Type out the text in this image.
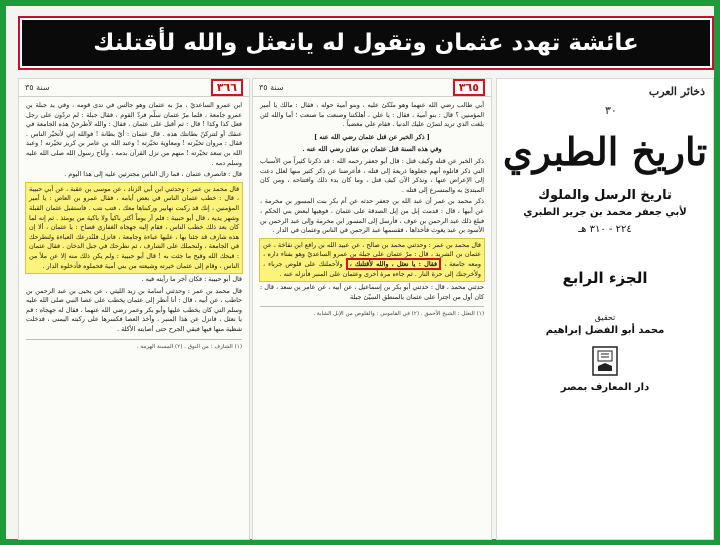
عائشة تهدد عثمان وتقول له يانعثل والله لأقتلنك
٣٦٦
سنة ٣٥

ابن عمرو الساعديّ ، مرّ به عثمان وهو جالس في ندى قومه ، وفي يد جبلة بن عمرو جامعة ، فلما مرّ عثمان سلّم فردّ القوم ، فقال جبلة : لم تردّون على رجل فعل كذا وكذا ! قال : ثم أقبل على عثمان ، فقال : والله لأطرحنّ هذه الجامعة في عنقك أو لتتركنّ بطانتك هذه . قال عثمان : أيّ بطانة ! فوالله إني لأتخيّر الناس . فقال : مروان تخيّرته ! ومعاوية تخيّرته ! وعبد الله بن عامر بن كريز تخيّرته ! وعبد الله بن سعد تخيّرته ! منهم من نزل القرآن بدمه ، وأباح رسول الله صلى الله عليه وسلم دمه .

قال : فانصرف عثمان ، فما زال الناس مجترئين عليه إلى هذا اليوم .

قال محمد بن عمر : وحدثني ابن أبي الزناد ، عن موسى بن عقبة ، عن أبي حبيبة ، قال : خطب عثمان الناس في بعض أيامه ، فقال عمرو بن العاص : يا أمير المؤمنين ، إنك قد ركبت نهابير وركبناها معك ، فتب نتب . فاستقبل عثمان القبلة وشهر يديه ، قال أبو حبيبة : فلم أر يوماً أكثر باكياً ولا باكية من يومئذ . ثم إنه لما كان بعد ذلك خطب الناس ، فقام إليه جهجاه الغفاري فصاح : يا عثمان ، ألا إن هذه شارف قد جئنا بها ، عليها عباءة وجامعة ، فانزل فلنُدرعك العباءة ولنطرحك في الجامعة ، ولنحملك على الشارف ، ثم نطرحك في جبل الدخان . فقال عثمان : قبحك الله وقبح ما جئت به ! قال أبو حبيبة : ولم يكن ذلك منه إلا عن ملأ من الناس ، وقام إلى عثمان خيرته وشيعته من بني أمية فحملوه فأدخلوه الدار .

قال أبو حبيبة : فكان آخر ما رأيته فيه .

قال محمد بن عمر : وحدثني أسامة بن زيد الليثي ، عن يحيى بن عبد الرحمن بن حاطب ، عن أبيه ، قال : أنا أنظر إلى عثمان يخطب على عصا النبي صلى الله عليه وسلم التي كان يخطب عليها وأبو بكر وعمر رضي الله عنهما ، فقال له جهجاه : قم يا نعثل ، فانزل عن هذا المنبر ، وأخذ العصا فكسرها على ركبته اليمنى ، فدخلت شظية منها فيها فبقي الجرح حتى أصابته الأكلة .

(١) الشارف : من النوق . (٢) المسنة الهرمة .

٣٦٥
سنة ٣٥

أبي طالب رضي الله عنهما وهو متّكئ عليه ، وبنو أمية حوله ، فقال : مالك يا أمير المؤمنين ؟ قال : بنو أمية ، فقال : يا علي ، أهلكتنا وصنعت ما صنعت ؛ أما والله لئن بلغت الذي تريد لتمرّن عليك الدنيا . فقام علي مغضباً .

[ ذكر الخبر عن قتل عثمان رضي الله عنه ]

وفي هذه السنة قتل عثمان بن عفان رضي الله عنه .

ذكر الخبر عن قتله وكيف قتل : قال أبو جعفر رحمه الله : قد ذكرنا كثيراً من الأسباب التي ذكر قاتلوه أنهم جعلوها ذريعة إلى قتله ، فأعرضنا عن ذكر كثير منها لعلل دعت إلى الإعراض عنها ، ونذكر الآن كيف قتل ، وما كان بدء ذلك وافتتاحه ، ومن كان المبتدئ به والمتسرع إلى قتله .

ذكر محمد بن عمر أن عبد الله بن جعفر حدثه عن أم بكر بنت المسور بن مخرمة ، عن أبيها ، قال : قدمت إبل من إبل الصدقة على عثمان ، فوهبها لبعض بني الحكم ، فبلغ ذلك عبد الرحمن بن عوف ، فأرسل إلى المسور ابن مخرمة وإلى عبد الرحمن بن الأسود بن عبد يغوث فأخذاها ، فقسمها عبد الرحمن في الناس وعثمان في الدار .

قال محمد بن عمر : وحدثني محمد بن صالح ، عن عبيد الله بن رافع ابن نقاخة ، عن عثمان بن الشريد ، قال : مرّ عثمان على جبلة بن عمرو الساعديّ وهو بفناء داره ، ومعه جامعة ، فقال : يا نعثل ، والله لأقتلنك ، ولأحملنك على قلوص جرباء ، ولأخرجنك إلى حرة النار . ثم جاءه مرة أخرى وعثمان على المنبر فأنزله عنه .

حدثني محمد ، قال : حدثني أبو بكر بن إسماعيل ، عن أبيه ، عن عامر بن سعد ، قال : كان أول من اجترأ على عثمان بالمنطق السيّئ جبلة

(١) النعثل : الشيخ الأحمق . (٢) في القاموس : والقلوص من الإبل الشابة .

ذخائر العرب
٣٠
تاريخ الطبري
تاريخ الرسل والملوك
لأبي جعفر محمد بن جرير الطبري
٢٢٤ - ٣١٠ هـ
الجزء الرابع
تحقيق
محمد أبو الفضل إبراهيم
دار المعارف بمصر
